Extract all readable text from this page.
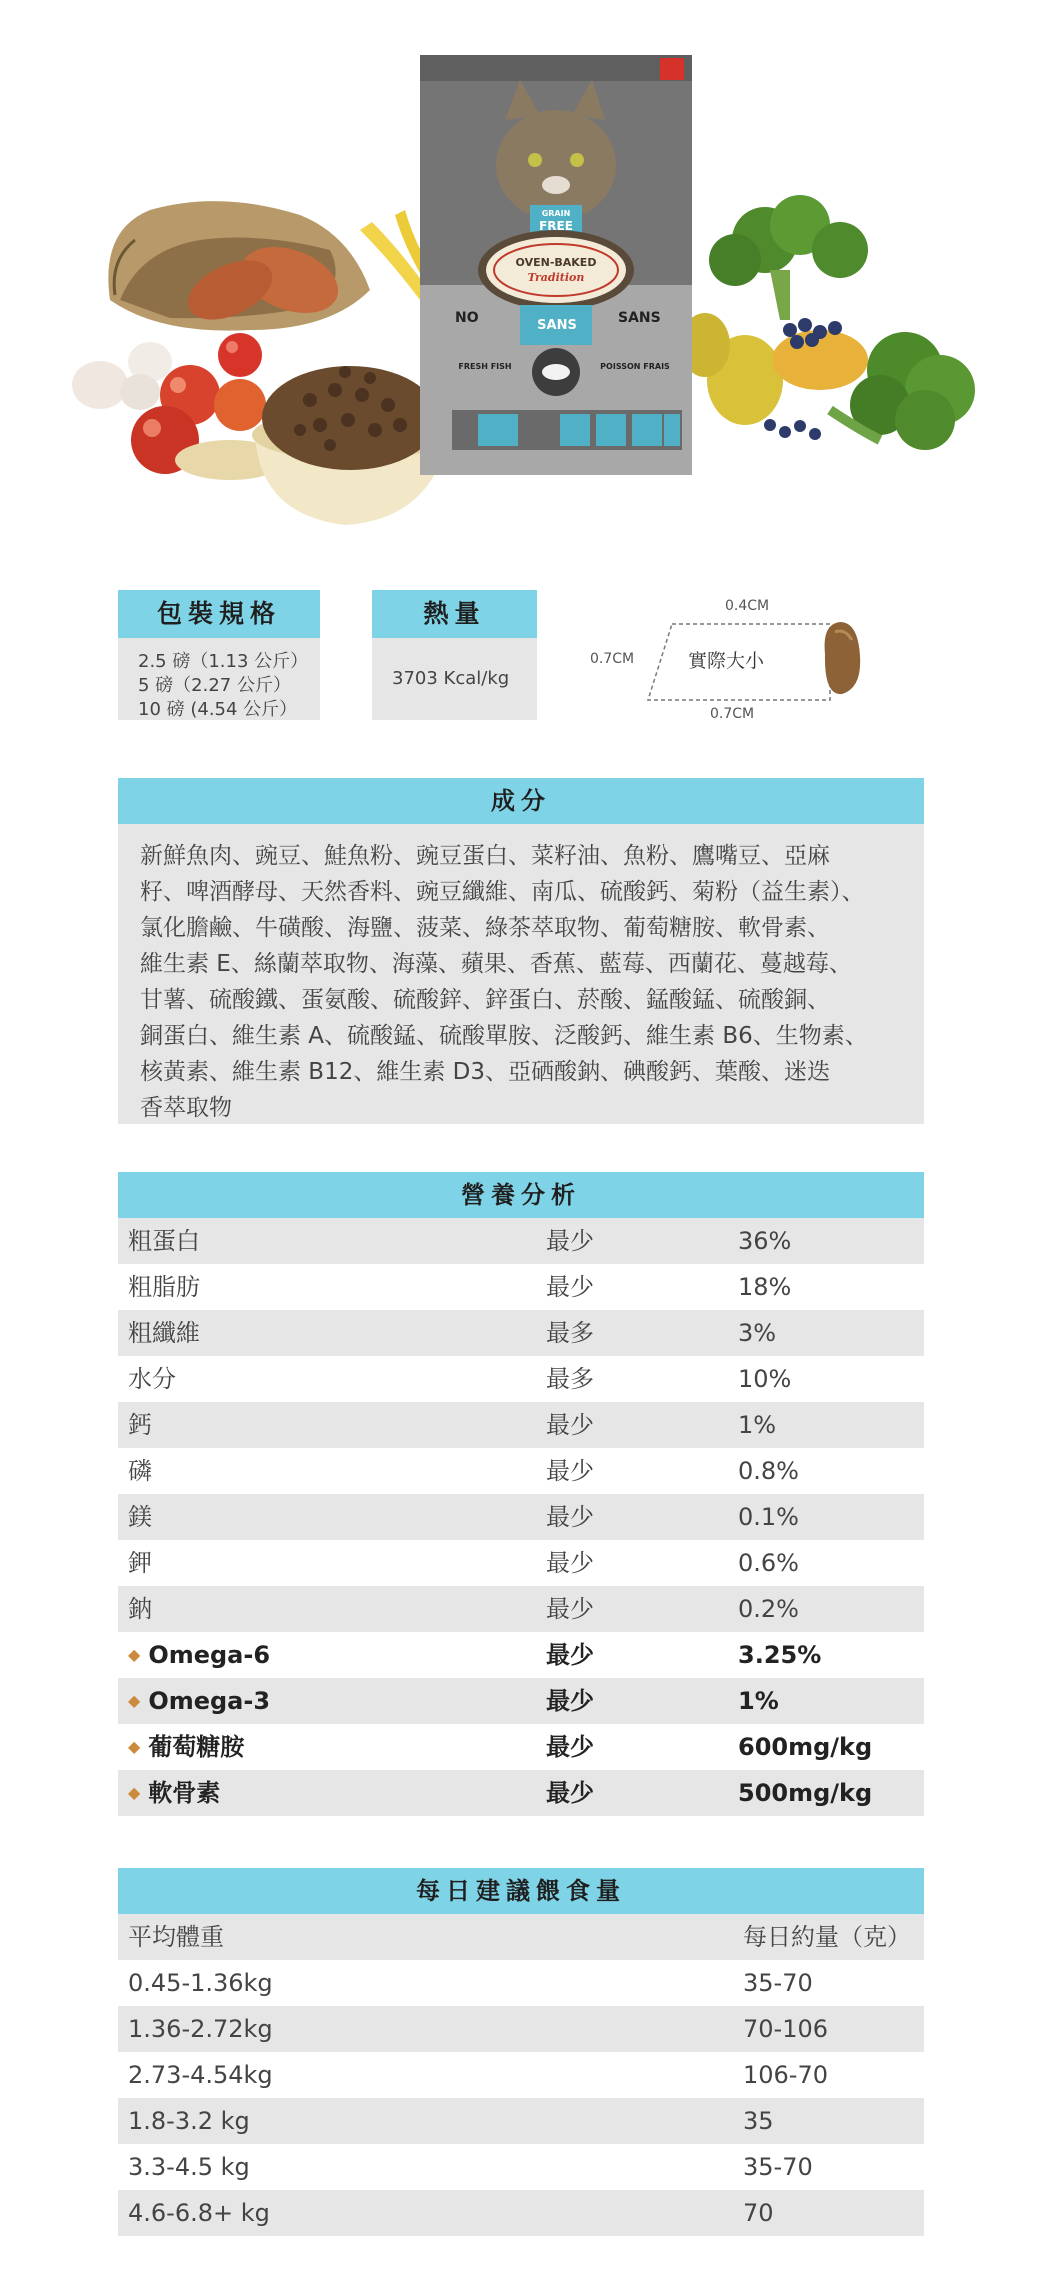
GRAIN
FREE
OVEN-BAKED
Tradition
NO	SANS	SANS
FRESH FISH	POISSON FRAIS
包裝規格
2.5 磅（1.13 公斤）
5 磅（2.27 公斤）
10 磅 (4.54 公斤）
熱量
3703 Kcal/kg
0.4CM
0.7CM
0.7CM
實際大小
成分
新鮮魚肉、豌豆、鮭魚粉、豌豆蛋白、菜籽油、魚粉、鷹嘴豆、亞麻
籽、啤酒酵母、天然香料、豌豆纖維、南瓜、硫酸鈣、菊粉（益生素）、
氯化膽鹼、牛磺酸、海鹽、菠菜、綠茶萃取物、葡萄糖胺、軟骨素、
維生素 E、絲蘭萃取物、海藻、蘋果、香蕉、藍莓、西蘭花、蔓越莓、
甘薯、硫酸鐵、蛋氨酸、硫酸鋅、鋅蛋白、菸酸、錳酸錳、硫酸銅、
銅蛋白、維生素 A、硫酸錳、硫酸單胺、泛酸鈣、維生素 B6、生物素、
核黃素、維生素 B12、維生素 D3、亞硒酸鈉、碘酸鈣、葉酸、迷迭
香萃取物
營養分析
粗蛋白	最少	36%
粗脂肪	最少	18%
粗纖維	最多	3%
水分	最多	10%
鈣	最少	1%
磷	最少	0.8%
鎂	最少	0.1%
鉀	最少	0.6%
鈉	最少	0.2%
◆ Omega-6	最少	3.25%
◆ Omega-3	最少	1%
◆ 葡萄糖胺	最少	600mg/kg
◆ 軟骨素	最少	500mg/kg
每日建議餵食量
平均體重	每日約量（克）
0.45-1.36kg	35-70
1.36-2.72kg	70-106
2.73-4.54kg	106-70
1.8-3.2 kg	35
3.3-4.5 kg	35-70
4.6-6.8+ kg	70
